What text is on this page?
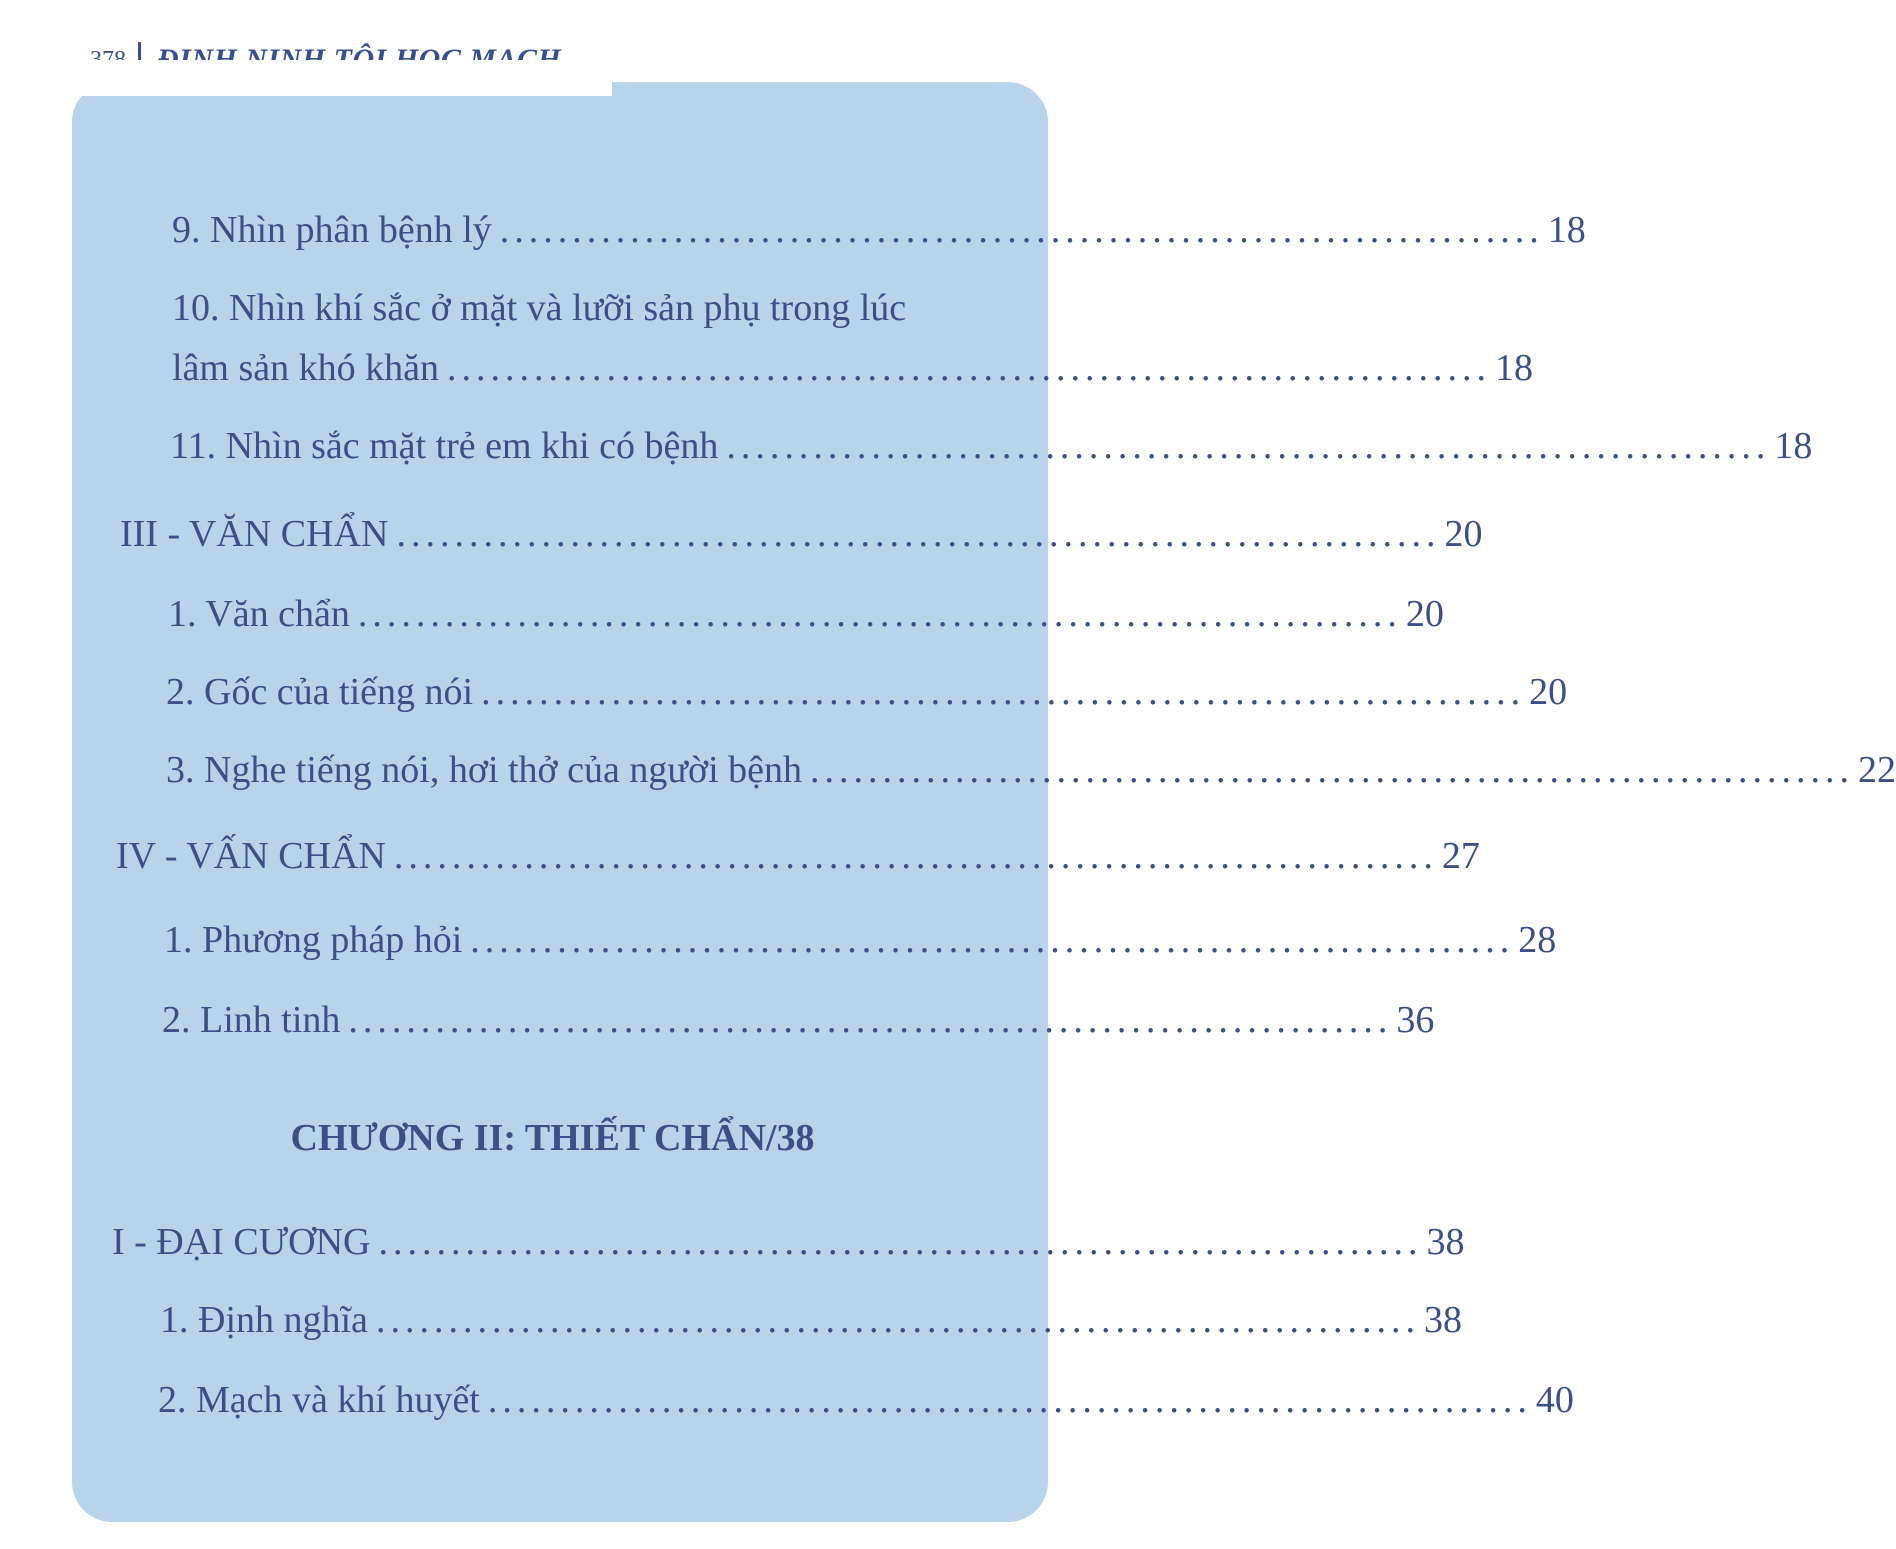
9. Nhìn phân bệnh lý ........................................................................ 18
10. Nhìn khí sắc ở mặt và lưỡi sản phụ trong lúc
lâm sản khó khăn ........................................................................ 18
11. Nhìn sắc mặt trẻ em khi có bệnh ........................................................................ 18
III - VĂN CHẨN ........................................................................ 20
1. Văn chẩn ........................................................................ 20
2. Gốc của tiếng nói ........................................................................ 20
3. Nghe tiếng nói, hơi thở của người bệnh ........................................................................ 22
IV - VẤN CHẨN ........................................................................ 27
1. Phương pháp hỏi ........................................................................ 28
2. Linh tinh ........................................................................ 36
CHƯƠNG II: THIẾT CHẨN/38
I - ĐẠI CƯƠNG ........................................................................ 38
1. Định nghĩa ........................................................................ 38
2. Mạch và khí huyết ........................................................................ 40
